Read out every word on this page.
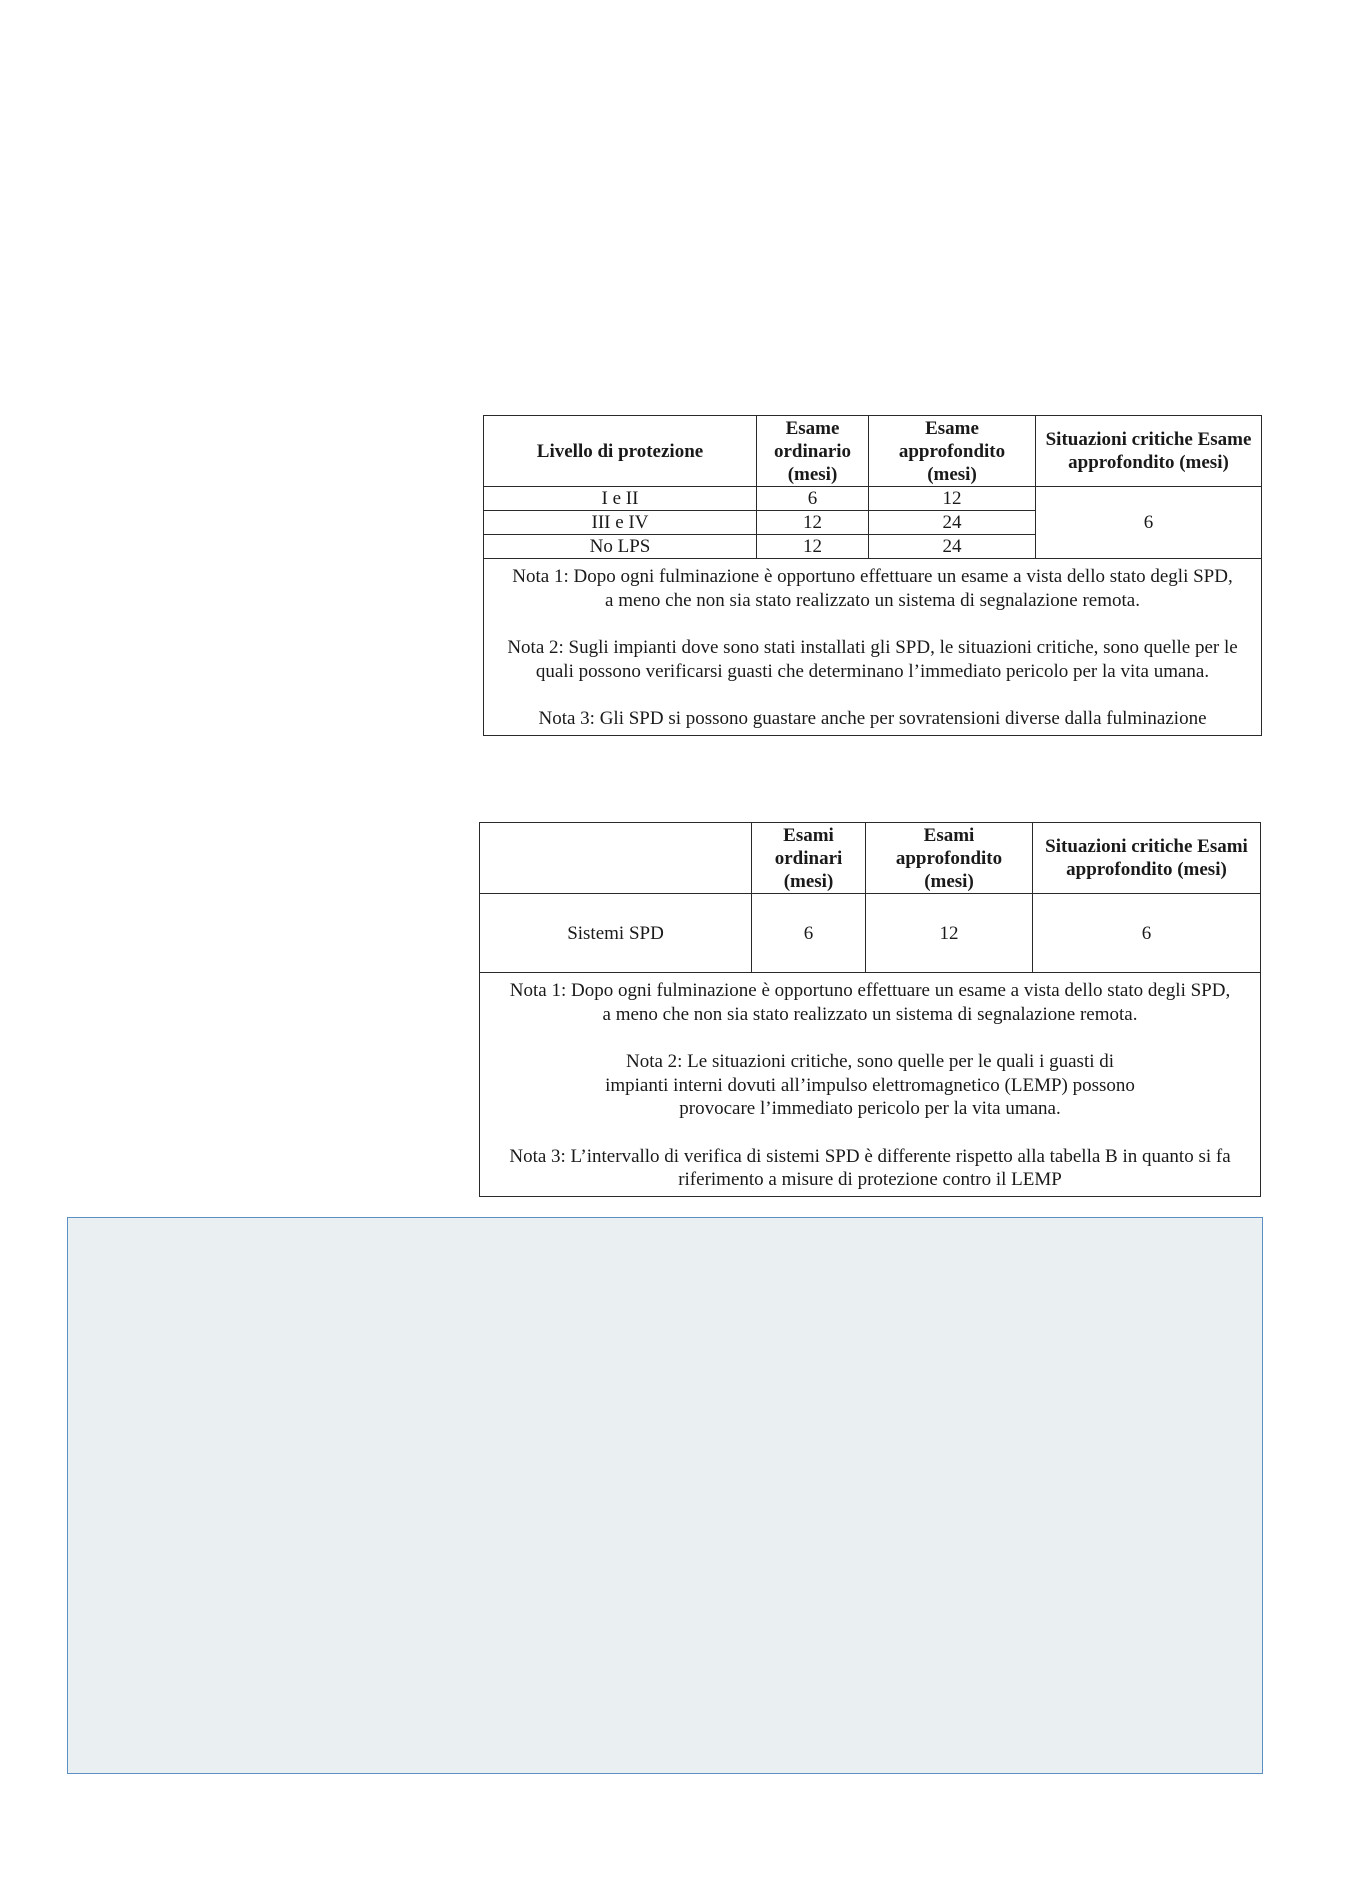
Livello di protezione	Esame ordinario (mesi)	Esame approfondito (mesi)	Situazioni critiche Esame approfondito (mesi)
I e II	6	12	6
III e IV	12	24	
No LPS	12	24	

Nota 1: Dopo ogni fulminazione è opportuno effettuare un esame a vista dello stato degli SPD, a meno che non sia stato realizzato un sistema di segnalazione remota.
Nota 2: Sugli impianti dove sono stati installati gli SPD, le situazioni critiche, sono quelle per le quali possono verificarsi guasti che determinano l’immediato pericolo per la vita umana.
Nota 3: Gli SPD si possono guastare anche per sovratensioni diverse dalla fulminazione			
	Esami ordinari (mesi)	Esami approfondito (mesi)	Situazioni critiche Esami approfondito (mesi)
Sistemi SPD	6	12	6

Nota 1: Dopo ogni fulminazione è opportuno effettuare un esame a vista dello stato degli SPD, a meno che non sia stato realizzato un sistema di segnalazione remota.
Nota 2: Le situazioni critiche, sono quelle per le quali i guasti di impianti interni dovuti all’impulso elettromagnetico (LEMP) possono provocare l’immediato pericolo per la vita umana.
Nota 3: L’intervallo di verifica di sistemi SPD è differente rispetto alla tabella B in quanto si fa riferimento a misure di protezione contro il LEMP			
